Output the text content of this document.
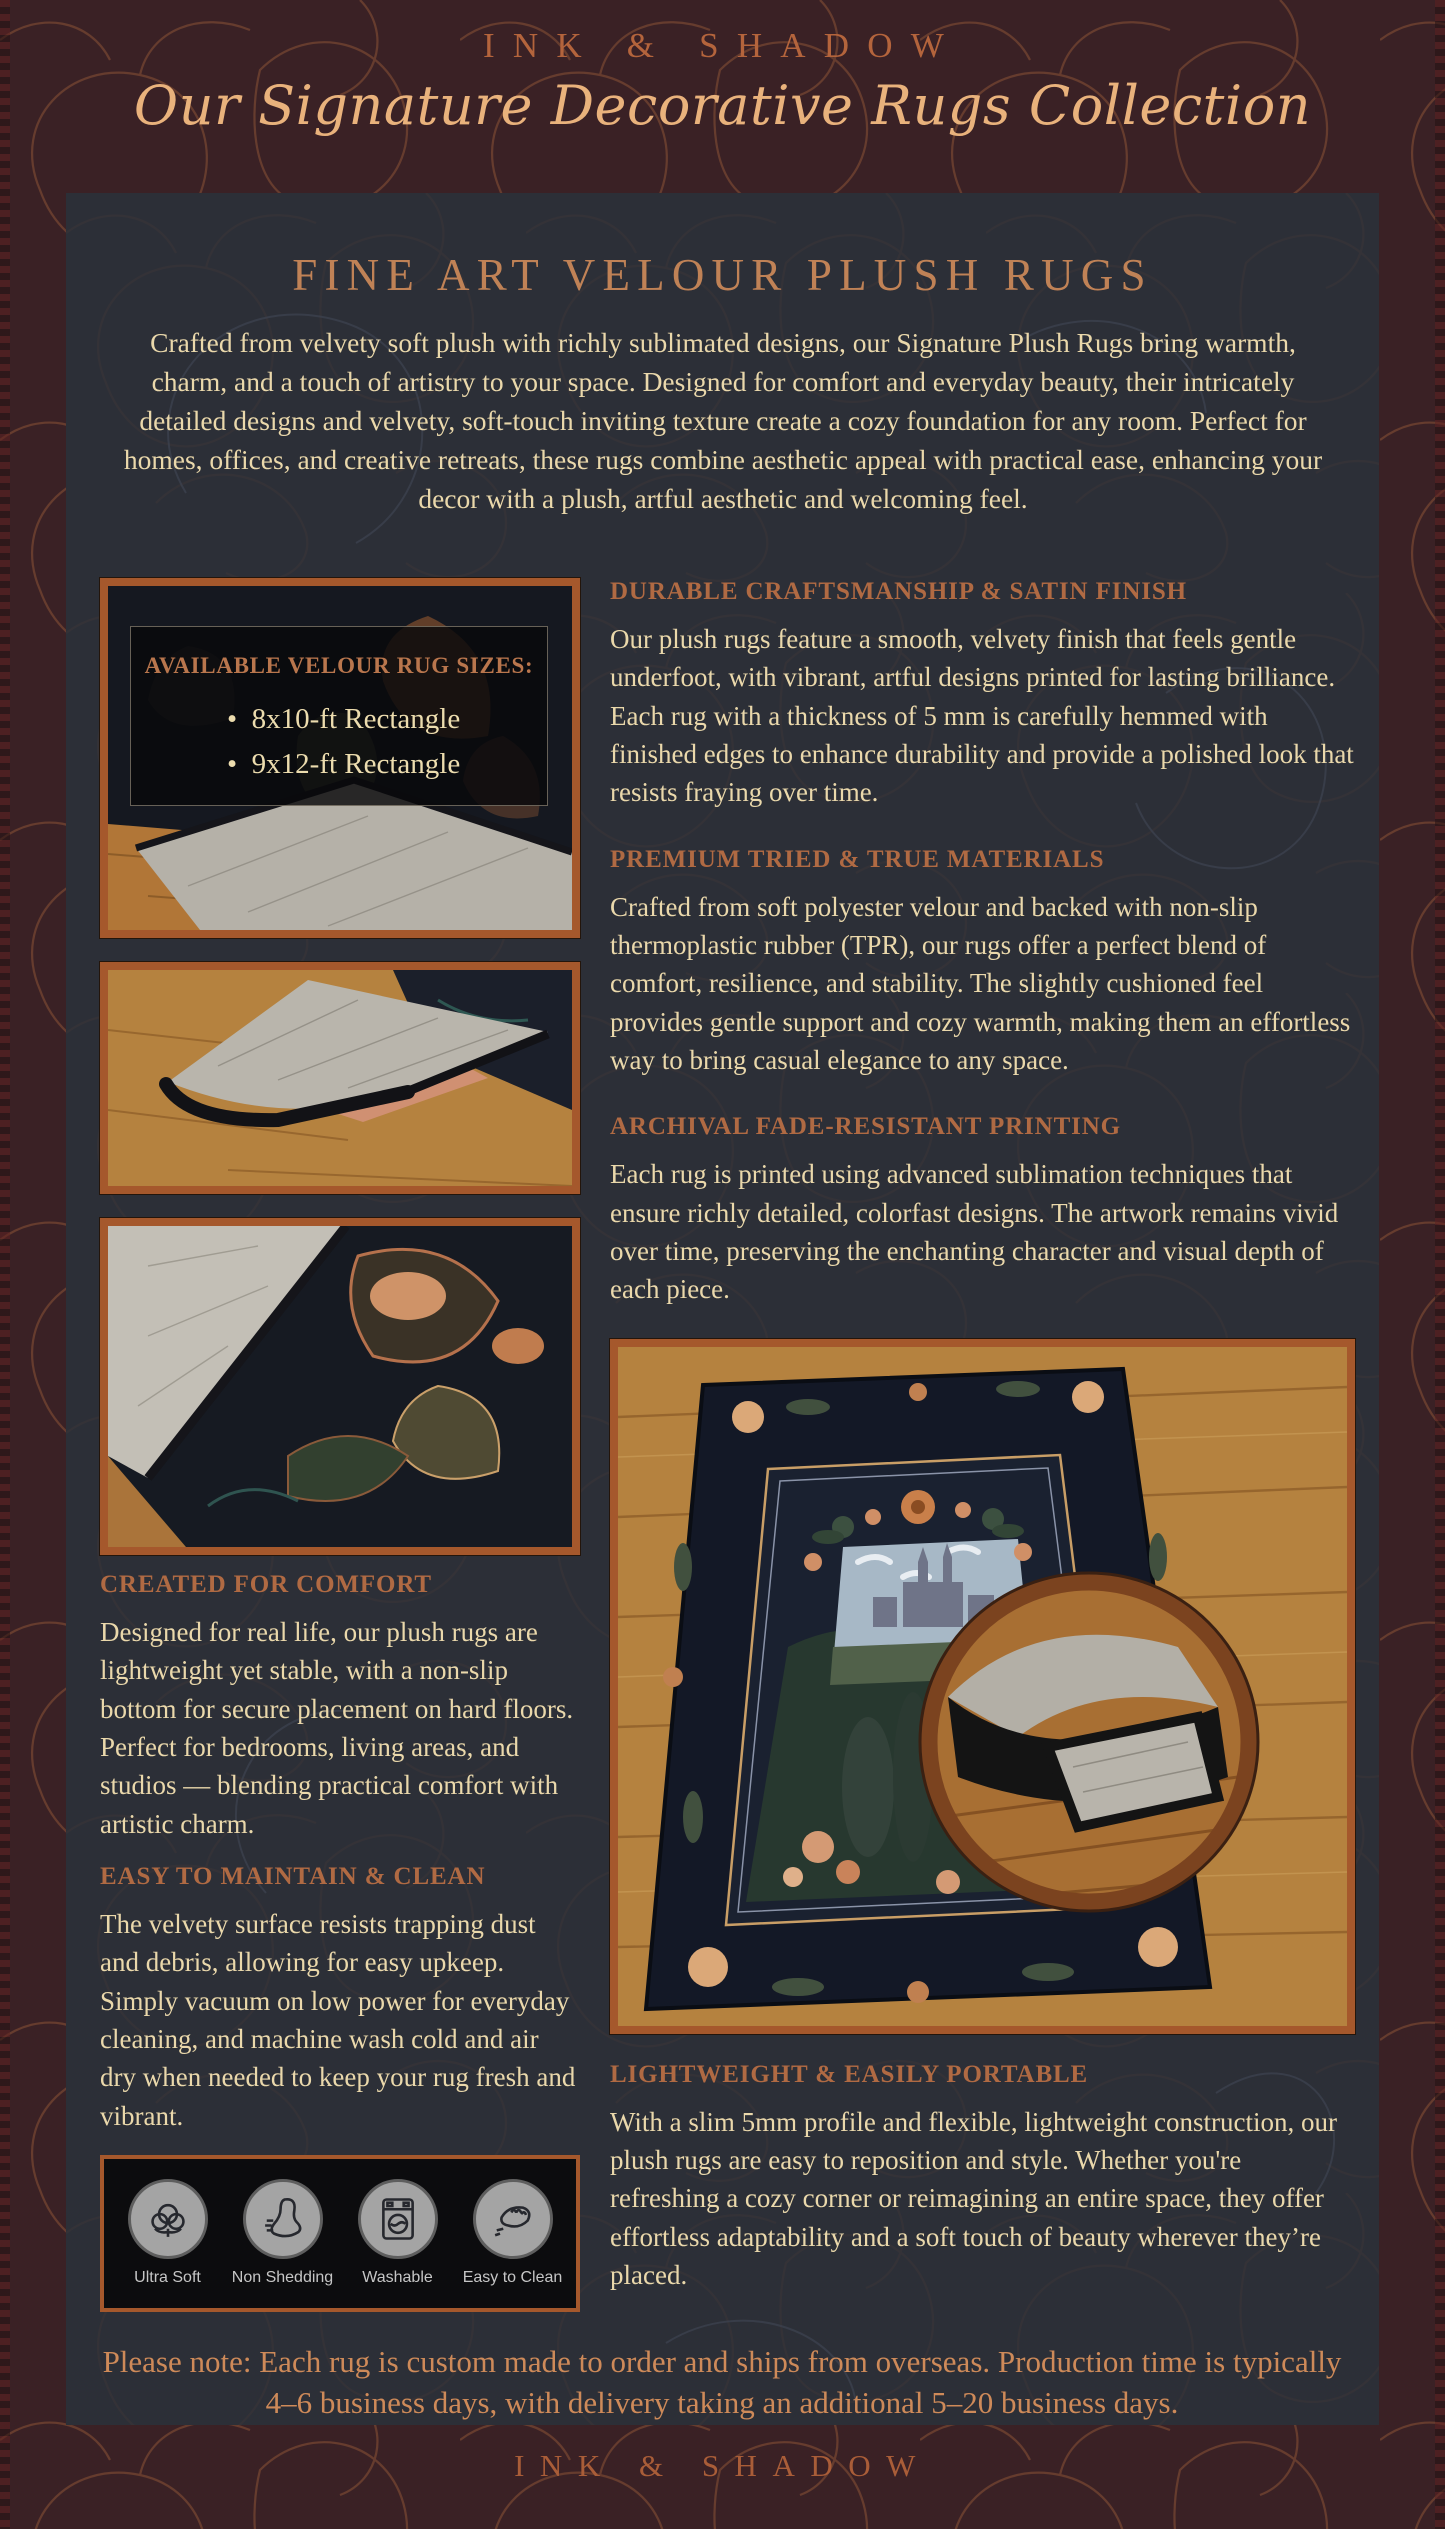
INK & SHADOW
Our Signature Decorative Rugs Collection
FINE ART VELOUR PLUSH RUGS

Crafted from velvety soft plush with richly sublimated designs, our Signature Plush Rugs bring warmth, charm, and a touch of artistry to your space. Designed for comfort and everyday beauty, their intricately detailed designs and velvety, soft-touch inviting texture create a cozy foundation for any room. Perfect for homes, offices, and creative retreats, these rugs combine aesthetic appeal with practical ease, enhancing your decor with a plush, artful aesthetic and welcoming feel.

AVAILABLE VELOUR RUG SIZES:
•  8x10-ft Rectangle
•  9x12-ft Rectangle
CREATED FOR COMFORT

Designed for real life, our plush rugs are lightweight yet stable, with a non-slip bottom for secure placement on hard floors. Perfect for bedrooms, living areas, and studios — blending practical comfort with artistic charm.

EASY TO MAINTAIN & CLEAN

The velvety surface resists trapping dust and debris, allowing for easy upkeep. Simply vacuum on low power for everyday cleaning, and machine wash cold and air dry when needed to keep your rug fresh and vibrant.

Ultra Soft	Non Shedding	Washable	Easy to Clean
DURABLE CRAFTSMANSHIP & SATIN FINISH

Our plush rugs feature a smooth, velvety finish that feels gentle underfoot, with vibrant, artful designs printed for lasting brilliance. Each rug with a thickness of 5 mm is carefully hemmed with finished edges to enhance durability and provide a polished look that resists fraying over time.

PREMIUM TRIED & TRUE MATERIALS

Crafted from soft polyester velour and backed with non-slip thermoplastic rubber (TPR), our rugs offer a perfect blend of comfort, resilience, and stability. The slightly cushioned feel provides gentle support and cozy warmth, making them an effortless way to bring casual elegance to any space.

ARCHIVAL FADE-RESISTANT PRINTING

Each rug is printed using advanced sublimation techniques that ensure richly detailed, colorfast designs. The artwork remains vivid over time, preserving the enchanting character and visual depth of each piece.

LIGHTWEIGHT & EASILY PORTABLE

With a slim 5mm profile and flexible, lightweight construction, our plush rugs are easy to reposition and style. Whether you're refreshing a cozy corner or reimagining an entire space, they offer effortless adaptability and a soft touch of beauty wherever they’re placed.

Please note: Each rug is custom made to order and ships from overseas. Production time is typically 4–6 business days, with delivery taking an additional 5–20 business days.

INK & SHADOW
